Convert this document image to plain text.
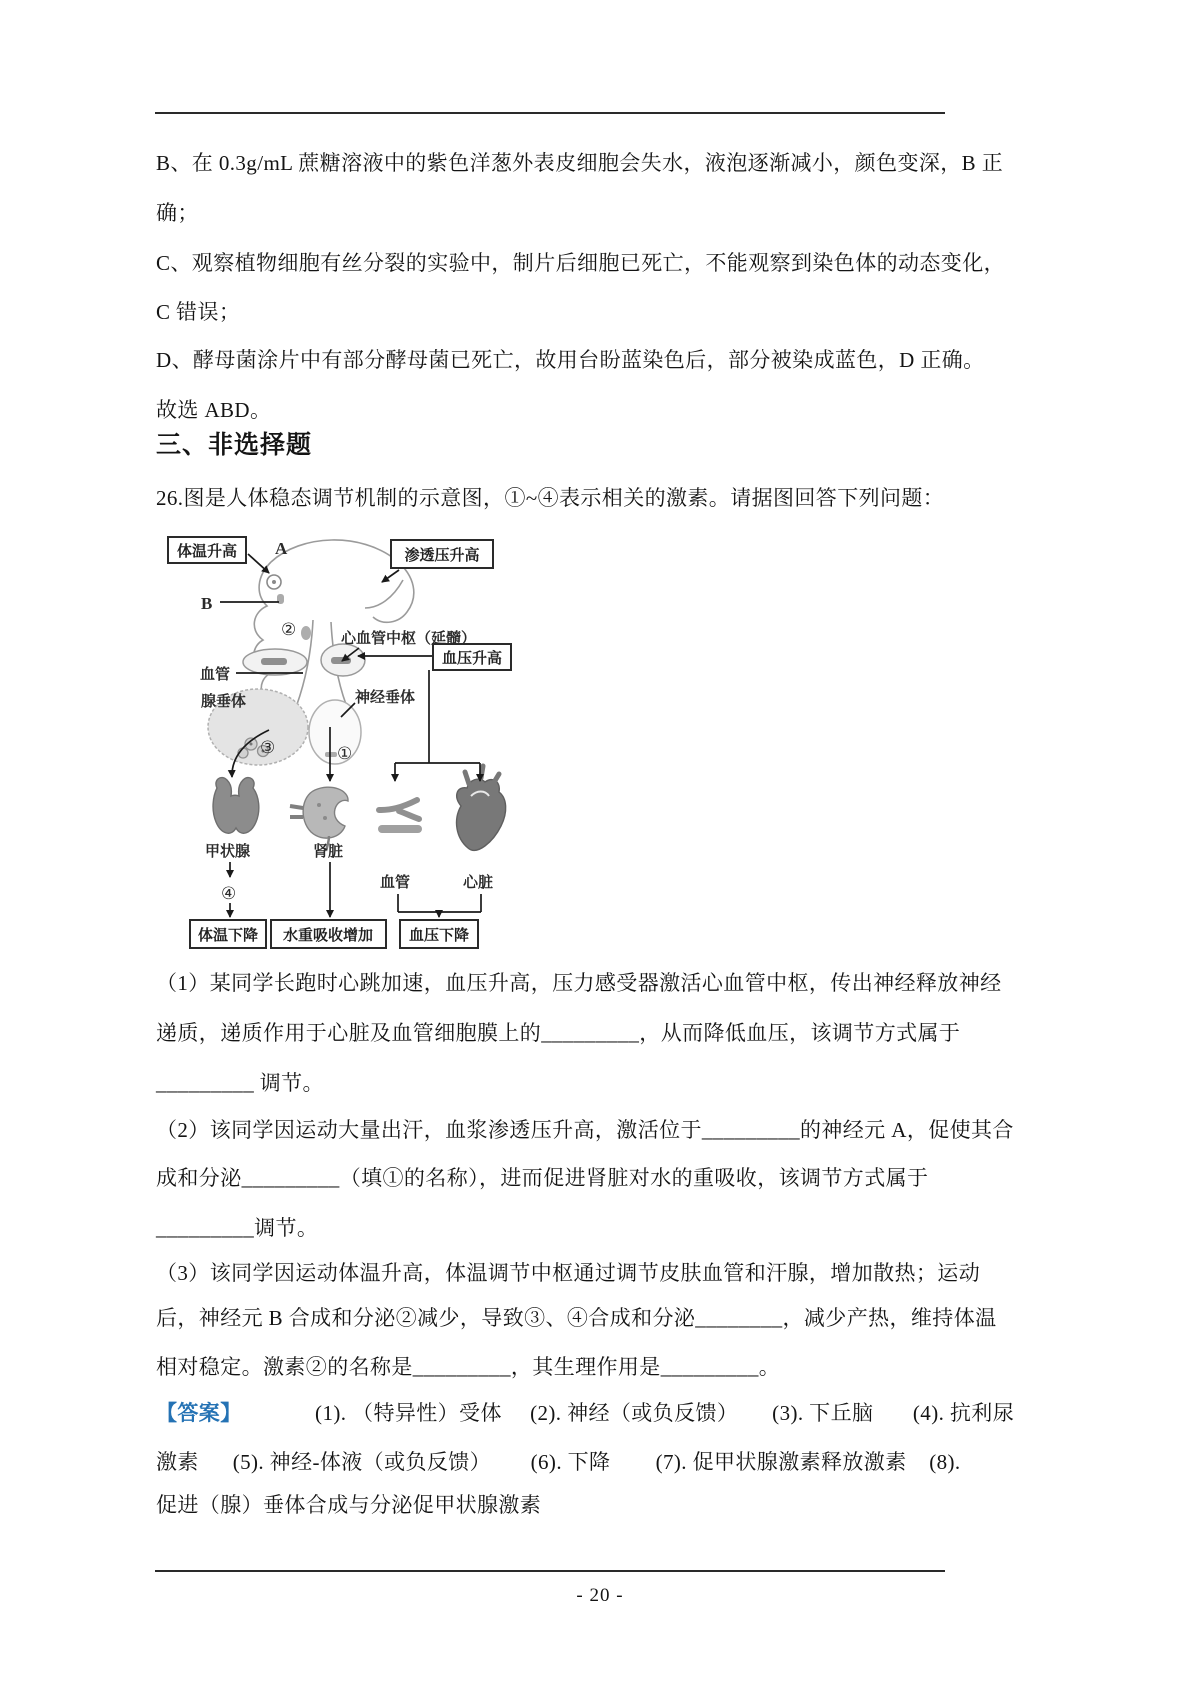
B、在 0.3g/mL 蔗糖溶液中的紫色洋葱外表皮细胞会失水，液泡逐渐减小，颜色变深，B 正
确；
C、观察植物细胞有丝分裂的实验中，制片后细胞已死亡，不能观察到染色体的动态变化，
C 错误；
D、酵母菌涂片中有部分酵母菌已死亡，故用台盼蓝染色后，部分被染成蓝色，D 正确。
故选 ABD。
三、非选择题
26.图是人体稳态调节机制的示意图，①~④表示相关的激素。请据图回答下列问题：
体温升高	渗透压升高
血压升高
体温下降 水重吸收增加 血压下降
A
B
②	心血管中枢（延髓）
血管
腺垂体	神经垂体
③	①
甲状腺	肾脏
④
血管	心脏
（1）某同学长跑时心跳加速，血压升高，压力感受器激活心血管中枢，传出神经释放神经
递质，递质作用于心脏及血管细胞膜上的_________，从而降低血压，该调节方式属于
_________ 调节。
（2）该同学因运动大量出汗，血浆渗透压升高，激活位于_________的神经元 A，促使其合
成和分泌_________（填①的名称），进而促进肾脏对水的重吸收，该调节方式属于
_________调节。
（3）该同学因运动体温升高，体温调节中枢通过调节皮肤血管和汗腺，增加散热；运动
后，神经元 B 合成和分泌②减少，导致③、④合成和分泌________，减少产热，维持体温
相对稳定。激素②的名称是_________，其生理作用是_________。
【答案】             (1). （特异性）受体     (2). 神经（或负反馈）      (3). 下丘脑       (4). 抗利尿
激素      (5). 神经-体液（或负反馈）       (6). 下降        (7). 促甲状腺激素释放激素    (8).
促进（腺）垂体合成与分泌促甲状腺激素
- 20 -
